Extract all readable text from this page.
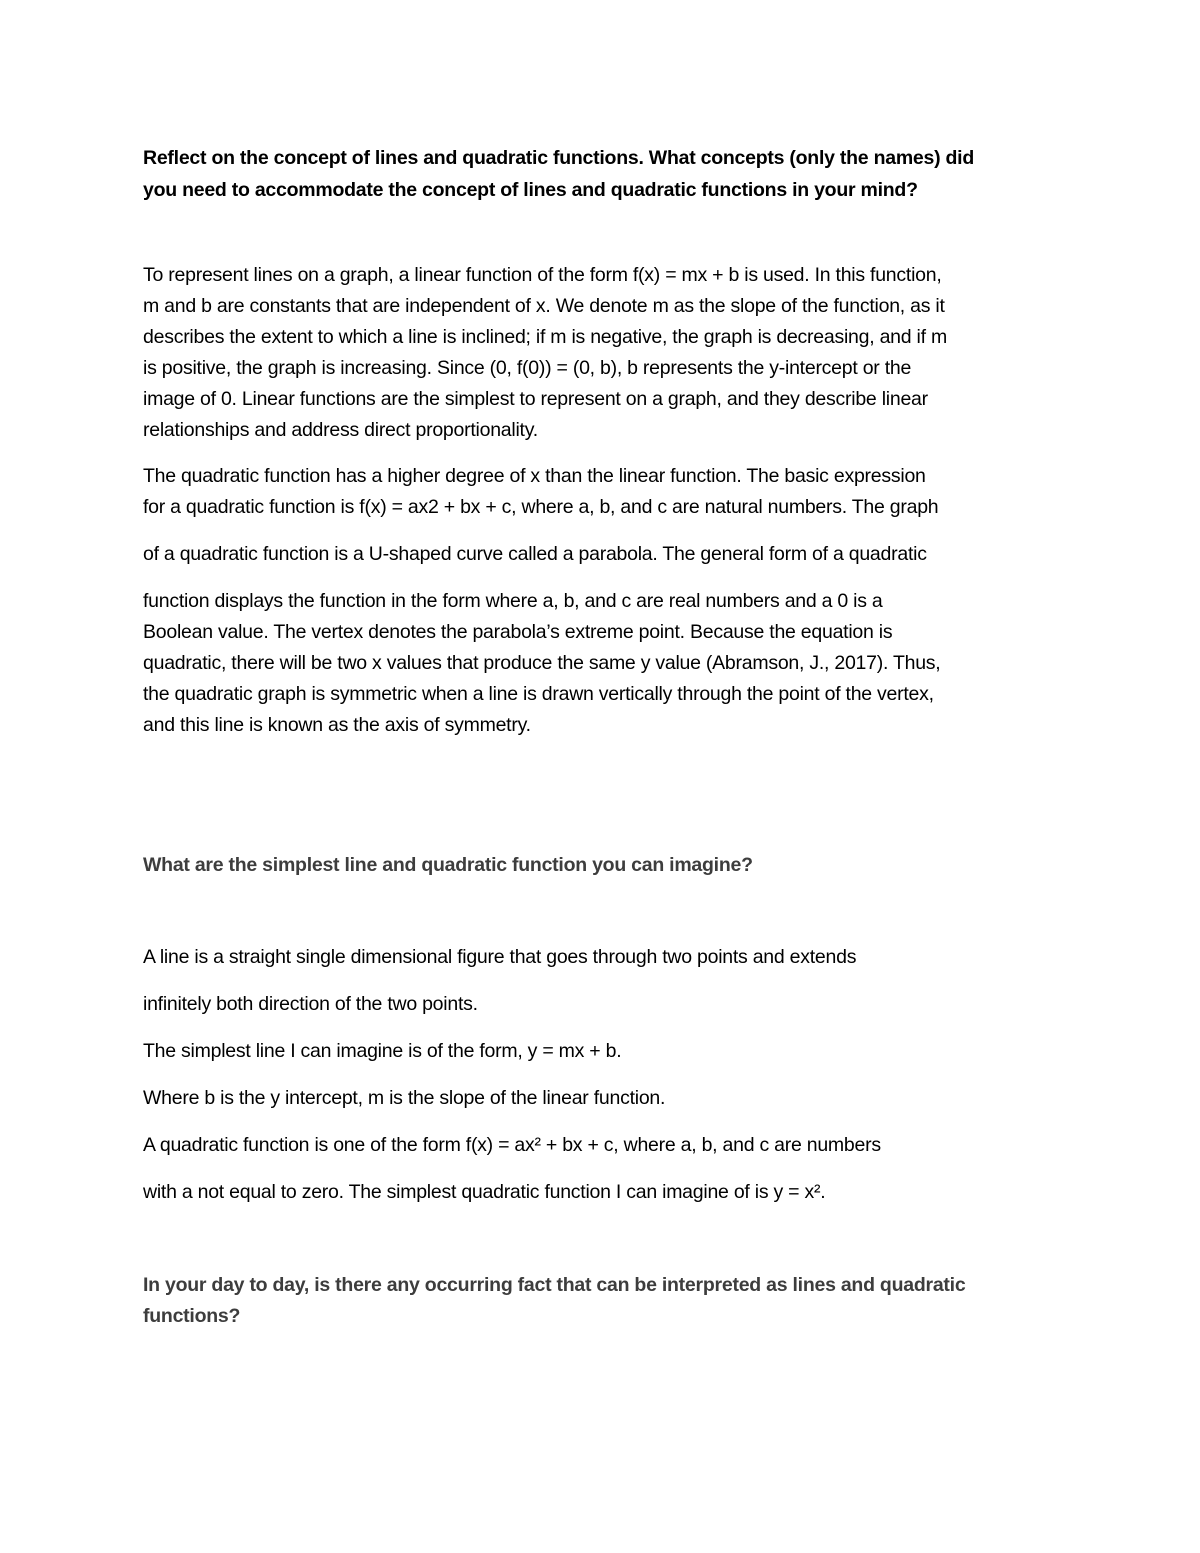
Reflect on the concept of lines and quadratic functions. What concepts (only the names) did
you need to accommodate the concept of lines and quadratic functions in your mind?
To represent lines on a graph, a linear function of the form f(x) = mx + b is used. In this function,
m and b are constants that are independent of x. We denote m as the slope of the function, as it
describes the extent to which a line is inclined; if m is negative, the graph is decreasing, and if m
is positive, the graph is increasing. Since (0, f(0)) = (0, b), b represents the y-intercept or the
image of 0. Linear functions are the simplest to represent on a graph, and they describe linear
relationships and address direct proportionality.
The quadratic function has a higher degree of x than the linear function. The basic expression
for a quadratic function is f(x) = ax2 + bx + c, where a, b, and c are natural numbers. The graph
of a quadratic function is a U-shaped curve called a parabola. The general form of a quadratic
function displays the function in the form where a, b, and c are real numbers and a 0 is a
Boolean value. The vertex denotes the parabola’s extreme point. Because the equation is
quadratic, there will be two x values that produce the same y value (Abramson, J., 2017). Thus,
the quadratic graph is symmetric when a line is drawn vertically through the point of the vertex,
and this line is known as the axis of symmetry.
What are the simplest line and quadratic function you can imagine?
A line is a straight single dimensional figure that goes through two points and extends
infinitely both direction of the two points.
The simplest line I can imagine is of the form, y = mx + b.
Where b is the y intercept, m is the slope of the linear function.
A quadratic function is one of the form f(x) = ax² + bx + c, where a, b, and c are numbers
with a not equal to zero. The simplest quadratic function I can imagine of is y = x².
In your day to day, is there any occurring fact that can be interpreted as lines and quadratic
functions?
